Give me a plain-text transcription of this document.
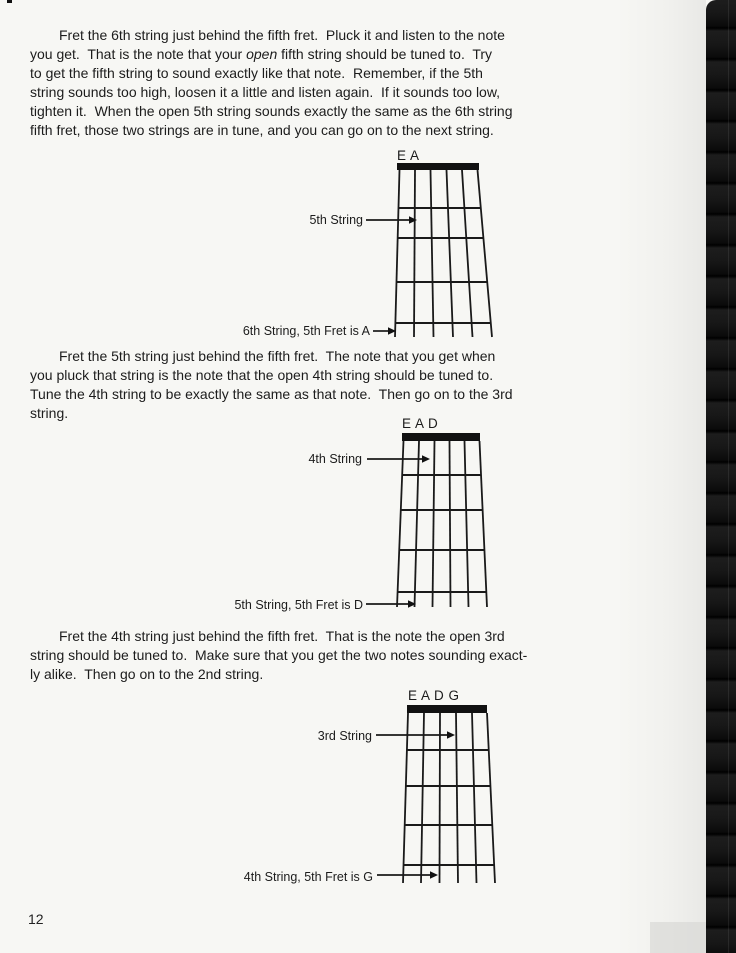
Fret the 6th string just behind the fifth fret.  Pluck it and listen to the note
you get.  That is the note that your open fifth string should be tuned to.  Try
to get the fifth string to sound exactly like that note.  Remember, if the 5th
string sounds too high, loosen it a little and listen again.  If it sounds too low,
tighten it.  When the open 5th string sounds exactly the same as the 6th string
fifth fret, those two strings are in tune, and you can go on to the next string.
E A
5th String
6th String, 5th Fret is A
Fret the 5th string just behind the fifth fret.  The note that you get when
you pluck that string is the note that the open 4th string should be tuned to.
Tune the 4th string to be exactly the same as that note.  Then go on to the 3rd
string.
E A D
4th String
5th String, 5th Fret is D
Fret the 4th string just behind the fifth fret.  That is the note the open 3rd
string should be tuned to.  Make sure that you get the two notes sounding exact-
ly alike.  Then go on to the 2nd string.
E A D G
3rd String
4th String, 5th Fret is G
12
